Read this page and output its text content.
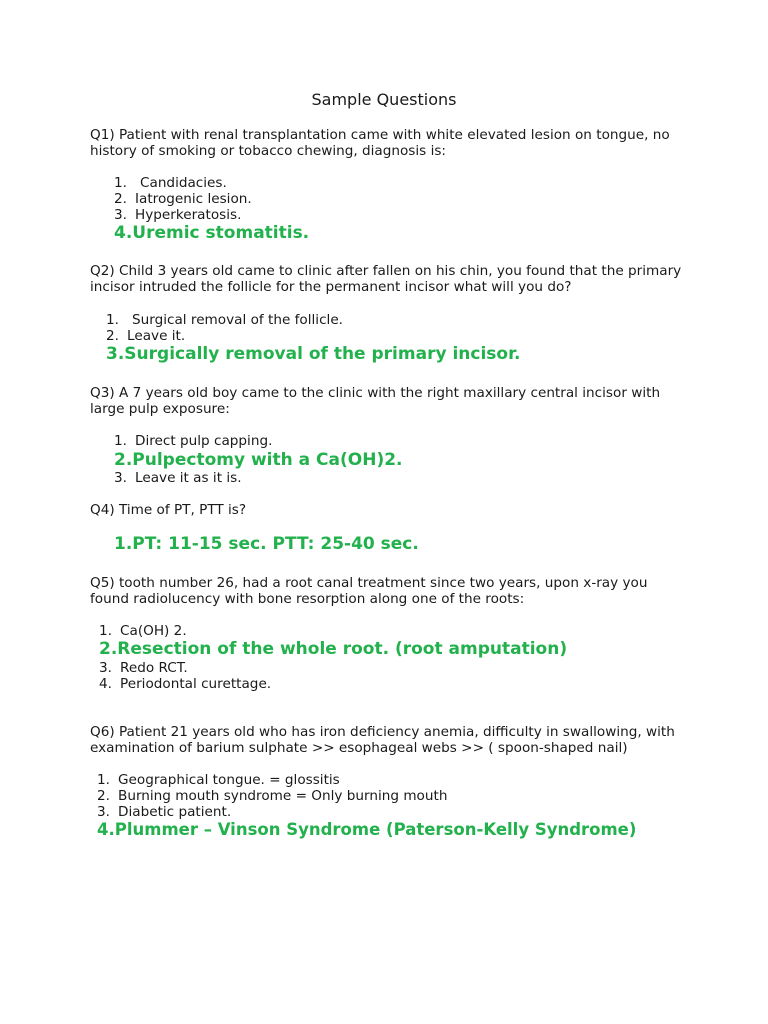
Sample Questions
Q1) Patient with renal transplantation came with white elevated lesion on tongue, no history of smoking or tobacco chewing, diagnosis is:
1. Candidacies.
2. Iatrogenic lesion.
3. Hyperkeratosis.
4.Uremic stomatitis.
Q2) Child 3 years old came to clinic after fallen on his chin, you found that the primary incisor intruded the follicle for the permanent incisor what will you do?
1. Surgical removal of the follicle.
2. Leave it.
3.Surgically removal of the primary incisor.
Q3) A 7 years old boy came to the clinic with the right maxillary central incisor with large pulp exposure:
1. Direct pulp capping.
2.Pulpectomy with a Ca(OH)2.
3. Leave it as it is.
Q4) Time of PT, PTT is?
1.PT: 11-15 sec. PTT: 25-40 sec.
Q5) tooth number 26, had a root canal treatment since two years, upon x-ray you found radiolucency with bone resorption along one of the roots:
1. Ca(OH) 2.
2.Resection of the whole root. (root amputation)
3. Redo RCT.
4. Periodontal curettage.
Q6) Patient 21 years old who has iron deficiency anemia, difficulty in swallowing, with examination of barium sulphate >> esophageal webs >> ( spoon-shaped nail)
1. Geographical tongue. = glossitis
2. Burning mouth syndrome = Only burning mouth
3. Diabetic patient.
4.Plummer – Vinson Syndrome (Paterson-Kelly Syndrome)
